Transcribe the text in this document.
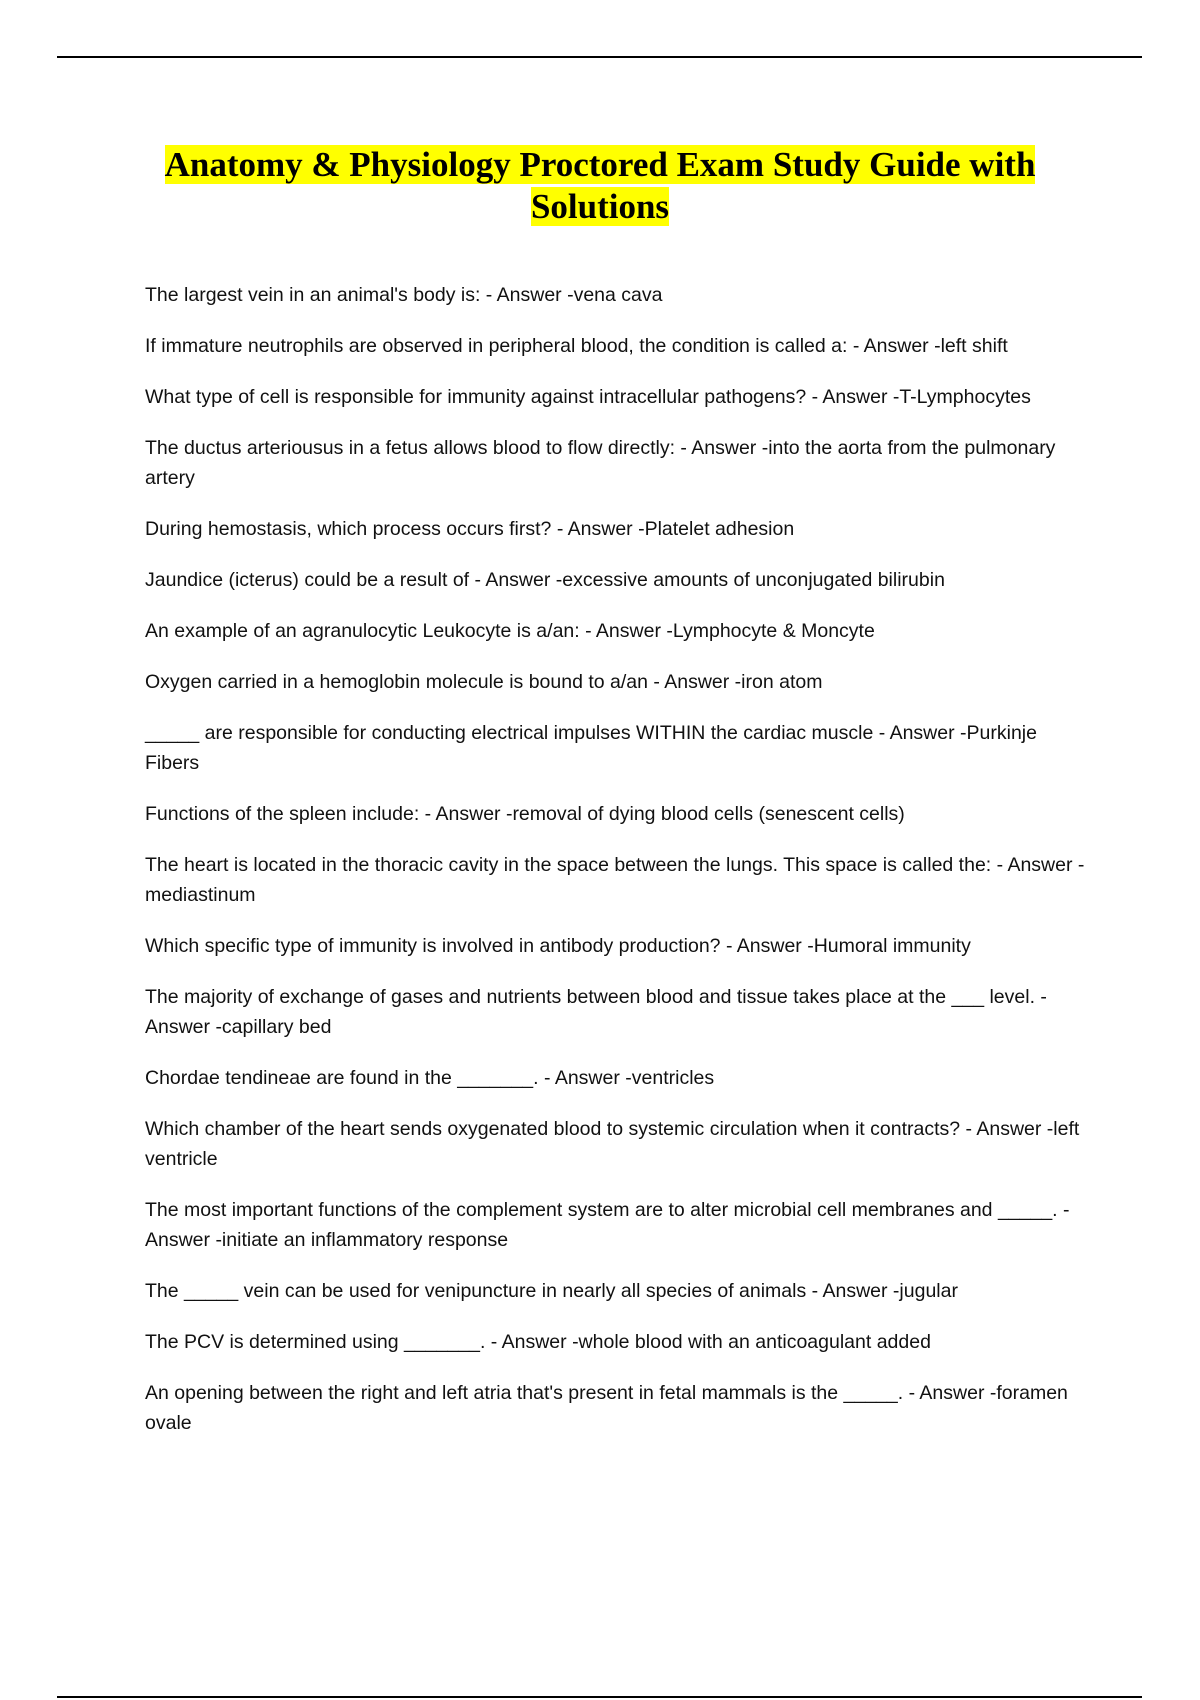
Anatomy & Physiology Proctored Exam Study Guide with
Solutions
The largest vein in an animal's body is: - Answer -vena cava
If immature neutrophils are observed in peripheral blood, the condition is called a: - Answer -left shift
What type of cell is responsible for immunity against intracellular pathogens? - Answer -T-Lymphocytes
The ductus arteriousus in a fetus allows blood to flow directly: - Answer -into the aorta from the pulmonary artery
During hemostasis, which process occurs first? - Answer -Platelet adhesion
Jaundice (icterus) could be a result of - Answer -excessive amounts of unconjugated bilirubin
An example of an agranulocytic Leukocyte is a/an: - Answer -Lymphocyte & Moncyte
Oxygen carried in a hemoglobin molecule is bound to a/an - Answer -iron atom
_____ are responsible for conducting electrical impulses WITHIN the cardiac muscle - Answer -Purkinje Fibers
Functions of the spleen include: - Answer -removal of dying blood cells (senescent cells)
The heart is located in the thoracic cavity in the space between the lungs. This space is called the: - Answer -mediastinum
Which specific type of immunity is involved in antibody production? - Answer -Humoral immunity
The majority of exchange of gases and nutrients between blood and tissue takes place at the ___ level. - Answer -capillary bed
Chordae tendineae are found in the _______. - Answer -ventricles
Which chamber of the heart sends oxygenated blood to systemic circulation when it contracts? - Answer -left ventricle
The most important functions of the complement system are to alter microbial cell membranes and _____. - Answer -initiate an inflammatory response
The _____ vein can be used for venipuncture in nearly all species of animals - Answer -jugular
The PCV is determined using _______. - Answer -whole blood with an anticoagulant added
An opening between the right and left atria that's present in fetal mammals is the _____. - Answer -foramen ovale
